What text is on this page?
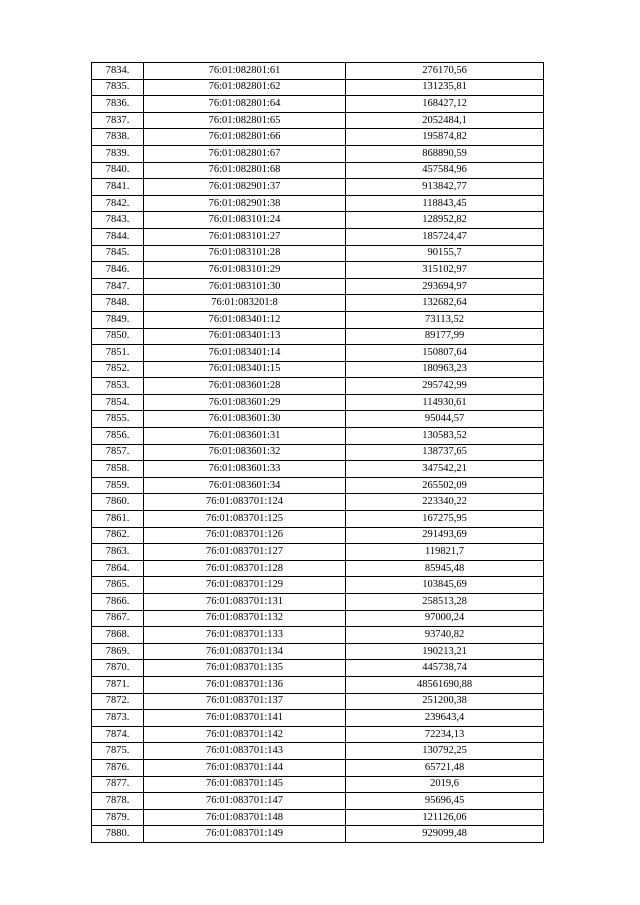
7834.	76:01:082801:61	276170,56
7835.	76:01:082801:62	131235,81
7836.	76:01:082801:64	168427,12
7837.	76:01:082801:65	2052484,1
7838.	76:01:082801:66	195874,82
7839.	76:01:082801:67	868890,59
7840.	76:01:082801:68	457584,96
7841.	76:01:082901:37	913842,77
7842.	76:01:082901:38	118843,45
7843.	76:01:083101:24	128952,82
7844.	76:01:083101:27	185724,47
7845.	76:01:083101:28	90155,7
7846.	76:01:083101:29	315102,97
7847.	76:01:083101:30	293694,97
7848.	76:01:083201:8	132682,64
7849.	76:01:083401:12	73113,52
7850.	76:01:083401:13	89177,99
7851.	76:01:083401:14	150807,64
7852.	76:01:083401:15	180963,23
7853.	76:01:083601:28	295742,99
7854.	76:01:083601:29	114930,61
7855.	76:01:083601:30	95044,57
7856.	76:01:083601:31	130583,52
7857.	76:01:083601:32	138737,65
7858.	76:01:083601:33	347542,21
7859.	76:01:083601:34	265502,09
7860.	76:01:083701:124	223340,22
7861.	76:01:083701:125	167275,95
7862.	76:01:083701:126	291493,69
7863.	76:01:083701:127	119821,7
7864.	76:01:083701:128	85945,48
7865.	76:01:083701:129	103845,69
7866.	76:01:083701:131	258513,28
7867.	76:01:083701:132	97000,24
7868.	76:01:083701:133	93740,82
7869.	76:01:083701:134	190213,21
7870.	76:01:083701:135	445738,74
7871.	76:01:083701:136	48561690,88
7872.	76:01:083701:137	251200,38
7873.	76:01:083701:141	239643,4
7874.	76:01:083701:142	72234,13
7875.	76:01:083701:143	130792,25
7876.	76:01:083701:144	65721,48
7877.	76:01:083701:145	2019,6
7878.	76:01:083701:147	95696,45
7879.	76:01:083701:148	121126,06
7880.	76:01:083701:149	929099,48
